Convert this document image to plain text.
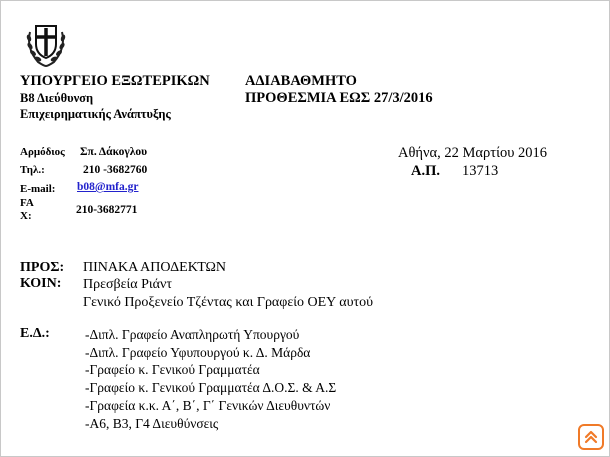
ΥΠΟΥΡΓΕΙΟ ΕΞΩΤΕΡΙΚΩΝ
Β8 Διεύθυνση
Επιχειρηματικής Ανάπτυξης
ΑΔΙΑΒΑΘΜΗΤΟ
ΠΡΟΘΕΣΜΙΑ ΕΩΣ 27/3/2016
Αρμόδιος Σπ. Δάκογλου
Τηλ.:	210 -3682760
E-mail: b08@mfa.gr
FA
X:	210-3682771
Αθήνα, 22 Μαρτίου 2016
Α.Π. 13713
ΠΡΟΣ: ΠΙΝΑΚΑ ΑΠΟΔΕΚΤΩΝ
ΚΟΙΝ: Πρεσβεία Ριάντ
Γενικό Προξενείο Τζέντας και Γραφείο ΟΕΥ αυτού
Ε.Δ.:	-Διπλ. Γραφείο Αναπληρωτή Υπουργού
-Διπλ. Γραφείο Υφυπουργού κ. Δ. Μάρδα
-Γραφείο κ. Γενικού Γραμματέα
-Γραφείο κ. Γενικού Γραμματέα Δ.Ο.Σ. & Α.Σ
-Γραφεία κ.κ. Α΄, Β΄, Γ΄ Γενικών Διευθυντών
-Α6, Β3, Γ4 Διευθύνσεις
